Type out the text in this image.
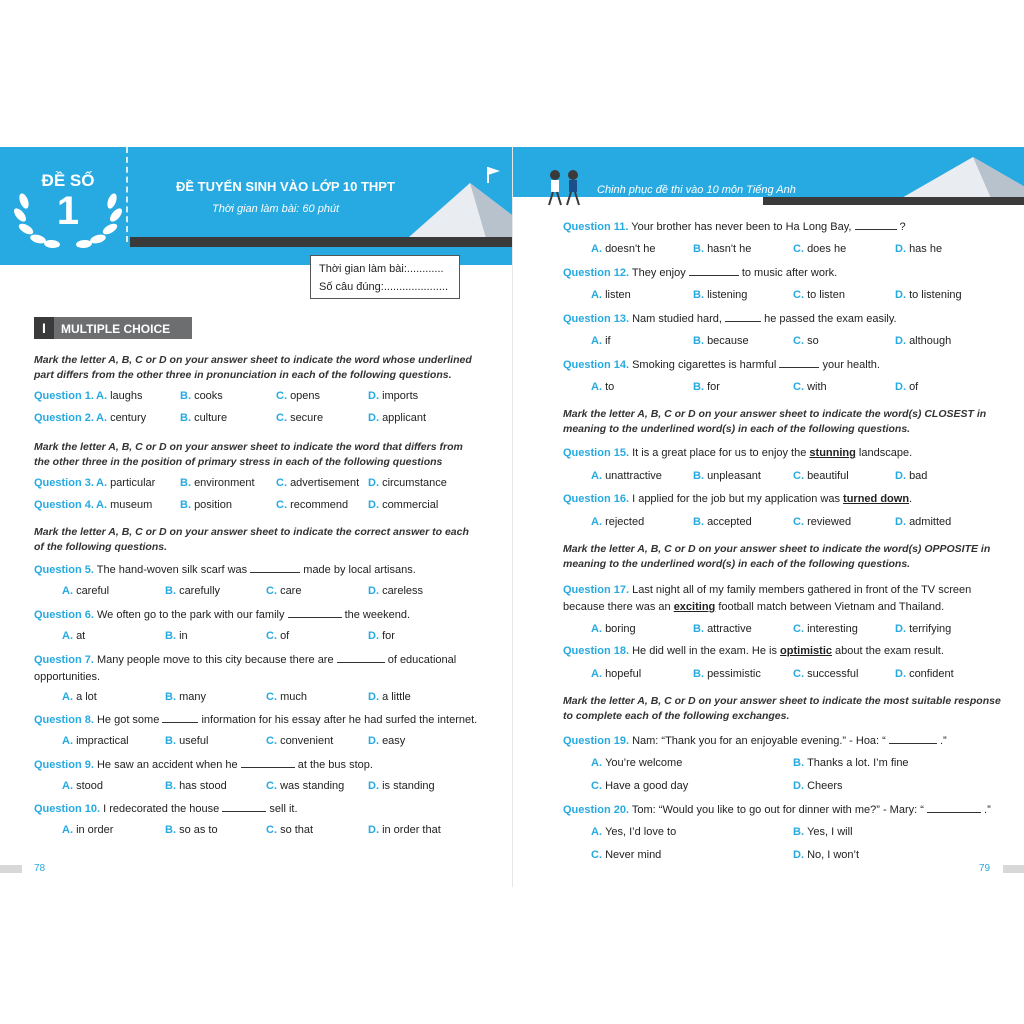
ĐỀ SỐ
1
ĐỀ TUYỂN SINH VÀO LỚP 10 THPT
Thời gian làm bài: 60 phút
Thời gian làm bài:............
Số câu đúng:.....................
I MULTIPLE CHOICE
Mark the letter A, B, C or D on your answer sheet to indicate the word whose underlined part differs from the other three in pronunciation in each of the following questions.
Mark the letter A, B, C or D on your answer sheet to indicate the word that differs from the other three in the position of primary stress in each of the following questions
Mark the letter A, B, C or D on your answer sheet to indicate the correct answer to each of the following questions.
Question 1. A. laughs	B. cooks	C. opens	D. imports
Question 2. A. century	B. culture	C. secure	D. applicant
Question 3. A. particular B. environment C. advertisement D. circumstance
Question 4. A. museum	B. position	C. recommend D. commercial
Question 5. The hand-woven silk scarf was	made by local artisans.
A. careful	B. carefully	C. care	D. careless
Question 6. We often go to the park with our family	the weekend.
A. at	B. in	C. of	D. for
Question 7. Many people move to this city because there are	of educational opportunities.
A. a lot	B. many	C. much	D. a little
Question 8. He got some	information for his essay after he had surfed the internet.
A. impractical	B. useful	C. convenient	D. easy
Question 9. He saw an accident when he	at the bus stop.
A. stood	B. has stood	C. was standing D. is standing
Question 10. I redecorated the house	sell it.
A. in order	B. so as to	C. so that	D. in order that
78
Chinh phục đề thi vào 10 môn Tiếng Anh
Mark the letter A, B, C or D on your answer sheet to indicate the word(s) CLOSEST in meaning to the underlined word(s) in each of the following questions.
Mark the letter A, B, C or D on your answer sheet to indicate the word(s) OPPOSITE in meaning to the underlined word(s) in each of the following questions.
Mark the letter A, B, C or D on your answer sheet to indicate the most suitable response to complete each of the following exchanges.
Question 11. Your brother has never been to Ha Long Bay,	?
A. doesn't he	B. hasn't he	C. does he	D. has he
Question 12. They enjoy	to music after work.
A. listen	B. listening	C. to listen	D. to listening
Question 13. Nam studied hard,	he passed the exam easily.
A. if	B. because	C. so	D. although
Question 14. Smoking cigarettes is harmful	your health.
A. to	B. for	C. with	D. of
Question 15. It is a great place for us to enjoy the stunning landscape.
A. unattractive	B. unpleasant	C. beautiful	D. bad
Question 16. I applied for the job but my application was turned down.
A. rejected	B. accepted	C. reviewed	D. admitted
Question 17. Last night all of my family members gathered in front of the TV screen because there was an exciting football match between Vietnam and Thailand.
A. boring	B. attractive	C. interesting	D. terrifying
Question 18. He did well in the exam. He is optimistic about the exam result.
A. hopeful	B. pessimistic	C. successful	D. confident
Question 19. Nam: “Thank you for an enjoyable evening.” - Hoa: “	.”
A. You’re welcome	B. Thanks a lot. I’m fine
C. Have a good day	D. Cheers
Question 20. Tom: “Would you like to go out for dinner with me?” - Mary: “	.”
A. Yes, I’d love to	B. Yes, I will
C. Never mind	D. No, I won’t
79
